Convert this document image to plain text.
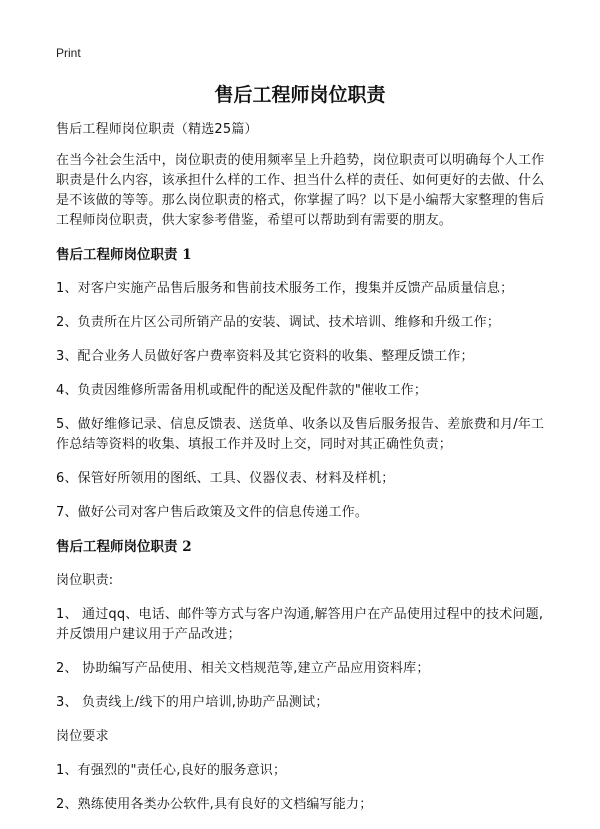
Print
售后工程师岗位职责
售后工程师岗位职责（精选25篇）
在当今社会生活中，岗位职责的使用频率呈上升趋势，岗位职责可以明确每个人工作职责是什么内容，该承担什么样的工作、担当什么样的责任、如何更好的去做、什么是不该做的等等。那么岗位职责的格式，你掌握了吗？以下是小编帮大家整理的售后工程师岗位职责，供大家参考借鉴，希望可以帮助到有需要的朋友。
售后工程师岗位职责 1
1、对客户实施产品售后服务和售前技术服务工作，搜集并反馈产品质量信息；
2、负责所在片区公司所销产品的安装、调试、技术培训、维修和升级工作；
3、配合业务人员做好客户费率资料及其它资料的收集、整理反馈工作；
4、负责因维修所需备用机或配件的配送及配件款的"催收工作；
5、做好维修记录、信息反馈表、送货单、收条以及售后服务报告、差旅费和月/年工作总结等资料的收集、填报工作并及时上交，同时对其正确性负责；
6、保管好所领用的图纸、工具、仪器仪表、材料及样机；
7、做好公司对客户售后政策及文件的信息传递工作。
售后工程师岗位职责 2
岗位职责:
1、 通过qq、电话、邮件等方式与客户沟通,解答用户在产品使用过程中的技术问题,并反馈用户建议用于产品改进；
2、 协助编写产品使用、相关文档规范等,建立产品应用资料库；
3、 负责线上/线下的用户培训,协助产品测试；
岗位要求
1、有强烈的"责任心,良好的服务意识；
2、熟练使用各类办公软件,具有良好的文档编写能力；
